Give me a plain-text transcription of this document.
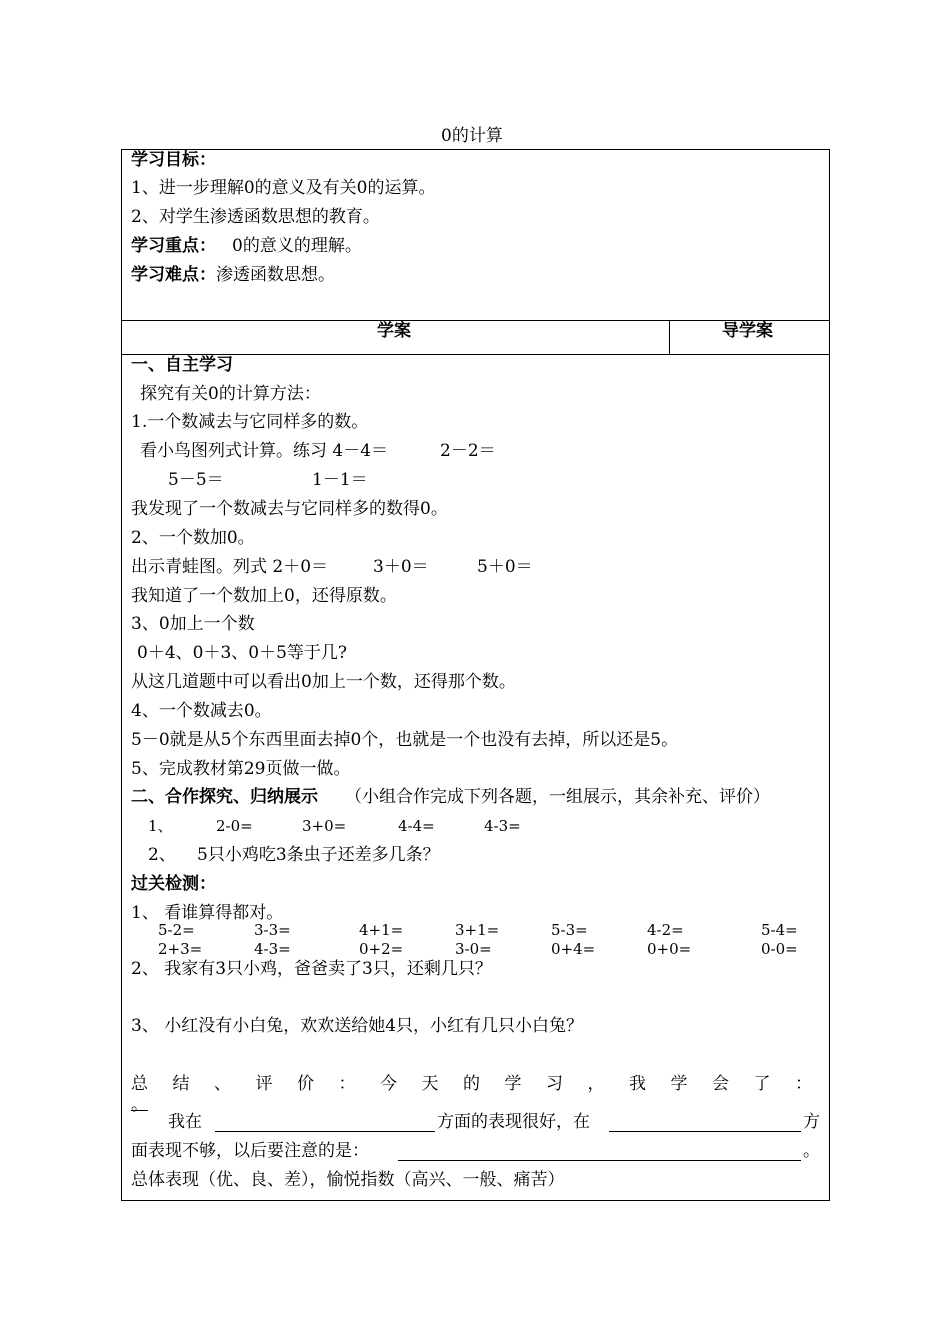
0的计算
学习目标：
1、进一步理解0的意义及有关0的运算。
2、对学生渗透函数思想的教育。
学习重点： 0的意义的理解。
学习难点： 渗透函数思想。
学案	导学案
一、自主学习
探究有关0的计算方法：
1.一个数减去与它同样多的数。
看小鸟图列式计算。练习 4－4＝	2－2＝
5－5＝	1－1＝
我发现了一个数减去与它同样多的数得0。
2、一个数加0。
出示青蛙图。列式 2＋0＝	3＋0＝	5＋0＝
我知道了一个数加上0，还得原数。
3、0加上一个数
0＋4、0＋3、0＋5等于几?
从这几道题中可以看出0加上一个数，还得那个数。
4、一个数减去0。
5－0就是从5个东西里面去掉0个，也就是一个也没有去掉，所以还是5。
5、完成教材第29页做一做。
二、合作探究、归纳展示 （小组合作完成下列各题，一组展示，其余补充、评价）
1、	2-0=	3+0=	4-4=	4-3=
2、 5只小鸡吃3条虫子还差多几条？
过关检测：
1、 看谁算得都对。
5-2=	3-3=	4+1=	3+1=	5-3=	4-2=	5-4=
2+3=	4-3=	0+2=	3-0=	0+4=	0+0=	0-0=
2、 我家有3只小鸡，爸爸卖了3只，还剩几只？
3、 小红没有小白兔，欢欢送给她4只，小红有几只小白兔？
总 结 、 评 价 ： 今 天 的 学 习 ， 我 学 会 了 ：
。
我在	方面的表现很好，在	方
面表现不够，以后要注意的是：	。
总体表现（优、良、差），愉悦指数（高兴、一般、痛苦）
